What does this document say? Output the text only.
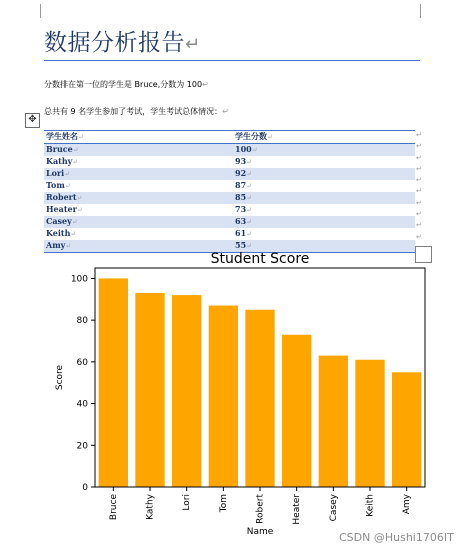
数据分析报告↵
分数排在第一位的学生是 Bruce,分数为 100↵
总共有 9 名学生参加了考试，学生考试总体情况：↵
✥
学生姓名↵	学生分数↵
Bruce↵	100↵
Kathy↵	93↵
Lori↵	92↵
Tom↵	87↵
Robert↵	85↵
Heater↵	73↵
Casey↵	63↵
Keith↵	61↵
Amy↵	55↵
↵
↵
↵
↵
↵
↵
↵
↵
↵
↵
Bruce	Kathy	Lori	Tom	Robert	Heater	Casey	Keith	Amy
0
20
40
60
80
100
Student Score
Name
Score
CSDN @Hushi1706IT
